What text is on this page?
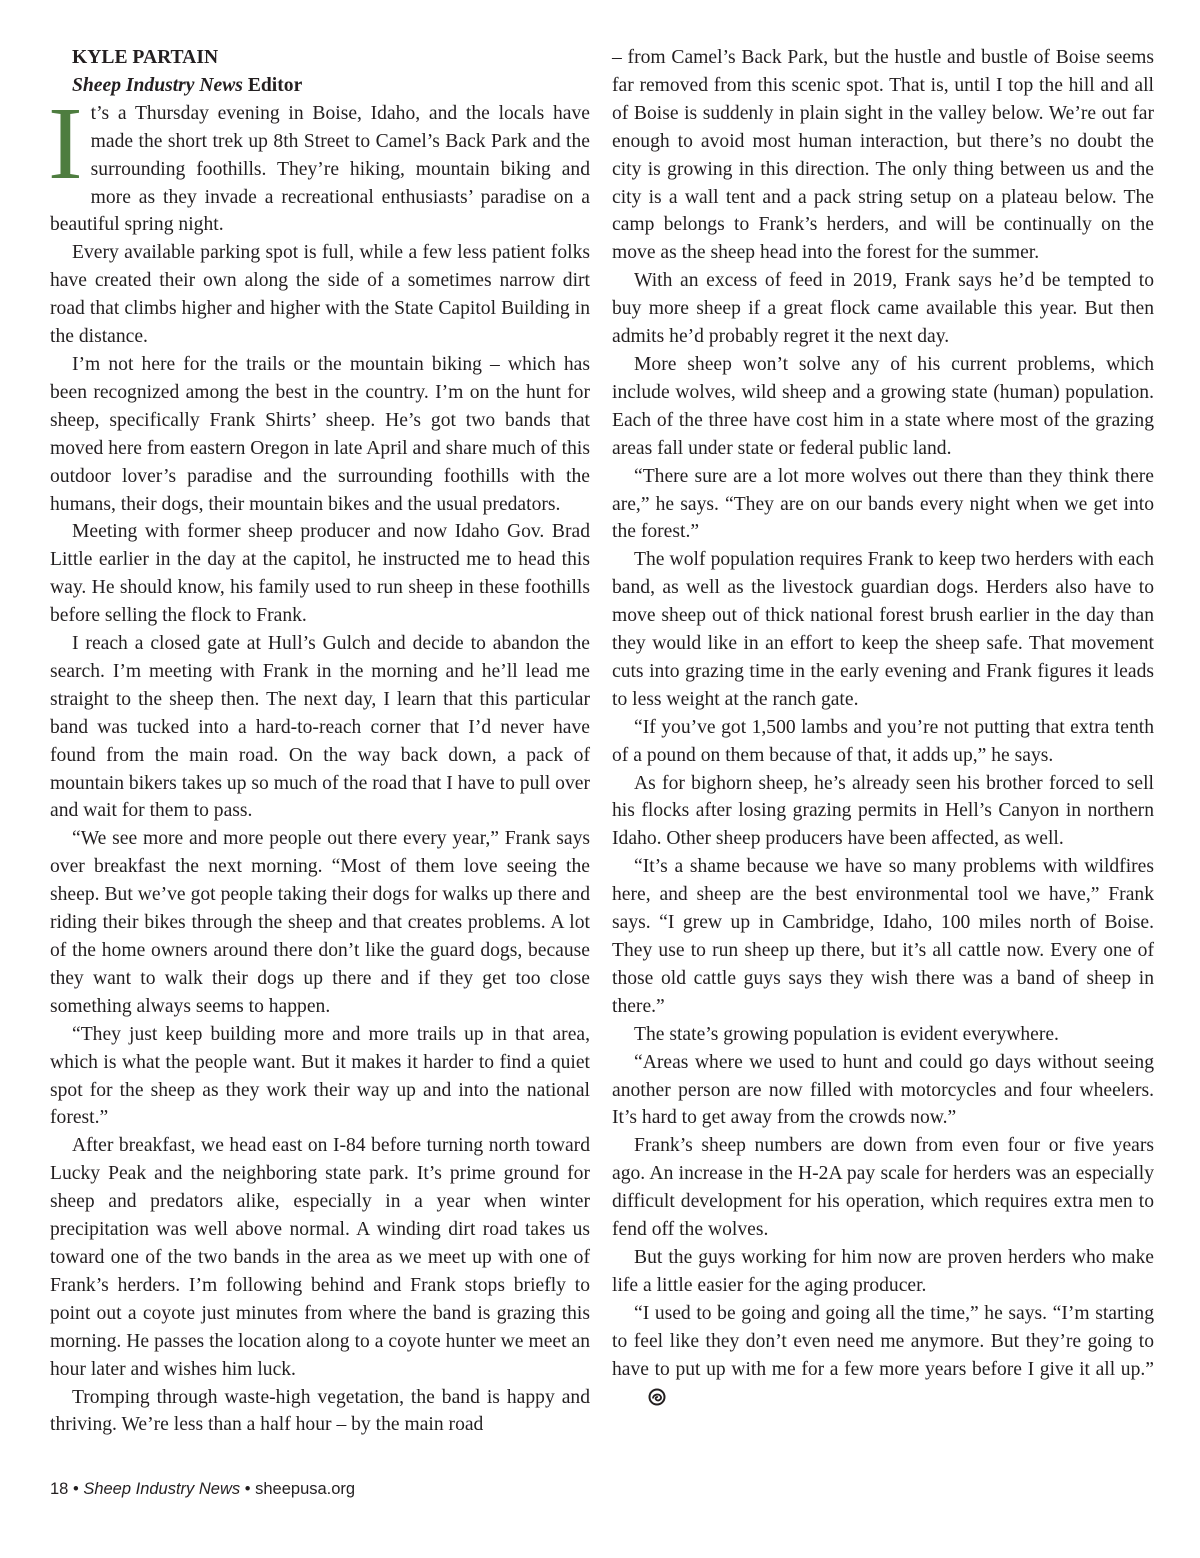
KYLE PARTAIN

Sheep Industry News Editor

It’s a Thursday evening in Boise, Idaho, and the locals have made the short trek up 8th Street to Camel’s Back Park and the surrounding foothills. They’re hiking, mountain biking and more as they invade a recreational enthusiasts’ paradise on a beautiful spring night.

Every available parking spot is full, while a few less patient folks have created their own along the side of a sometimes narrow dirt road that climbs higher and higher with the State Capitol Building in the distance.

I’m not here for the trails or the mountain biking – which has been recognized among the best in the country. I’m on the hunt for sheep, specifically Frank Shirts’ sheep. He’s got two bands that moved here from eastern Oregon in late April and share much of this outdoor lover’s paradise and the surrounding foothills with the humans, their dogs, their mountain bikes and the usual predators.

Meeting with former sheep producer and now Idaho Gov. Brad Little earlier in the day at the capitol, he instructed me to head this way. He should know, his family used to run sheep in these foothills before selling the flock to Frank.

I reach a closed gate at Hull’s Gulch and decide to abandon the search. I’m meeting with Frank in the morning and he’ll lead me straight to the sheep then. The next day, I learn that this particular band was tucked into a hard-to-reach corner that I’d never have found from the main road. On the way back down, a pack of mountain bikers takes up so much of the road that I have to pull over and wait for them to pass.

“We see more and more people out there every year,” Frank says over breakfast the next morning. “Most of them love seeing the sheep. But we’ve got people taking their dogs for walks up there and riding their bikes through the sheep and that creates problems. A lot of the home owners around there don’t like the guard dogs, because they want to walk their dogs up there and if they get too close something always seems to happen.

“They just keep building more and more trails up in that area, which is what the people want. But it makes it harder to find a quiet spot for the sheep as they work their way up and into the national forest.”

After breakfast, we head east on I-84 before turning north toward Lucky Peak and the neighboring state park. It’s prime ground for sheep and predators alike, especially in a year when winter precipitation was well above normal. A winding dirt road takes us toward one of the two bands in the area as we meet up with one of Frank’s herders. I’m following behind and Frank stops briefly to point out a coyote just minutes from where the band is grazing this morning. He passes the location along to a coyote hunter we meet an hour later and wishes him luck.

Tromping through waste-high vegetation, the band is happy and thriving. We’re less than a half hour – by the main road

– from Camel’s Back Park, but the hustle and bustle of Boise seems far removed from this scenic spot. That is, until I top the hill and all of Boise is suddenly in plain sight in the valley below. We’re out far enough to avoid most human interaction, but there’s no doubt the city is growing in this direction. The only thing between us and the city is a wall tent and a pack string setup on a plateau below. The camp belongs to Frank’s herders, and will be continually on the move as the sheep head into the forest for the summer.

With an excess of feed in 2019, Frank says he’d be tempted to buy more sheep if a great flock came available this year. But then admits he’d probably regret it the next day.

More sheep won’t solve any of his current problems, which include wolves, wild sheep and a growing state (human) population. Each of the three have cost him in a state where most of the grazing areas fall under state or federal public land.

“There sure are a lot more wolves out there than they think there are,” he says. “They are on our bands every night when we get into the forest.”

The wolf population requires Frank to keep two herders with each band, as well as the livestock guardian dogs. Herders also have to move sheep out of thick national forest brush earlier in the day than they would like in an effort to keep the sheep safe. That movement cuts into grazing time in the early evening and Frank figures it leads to less weight at the ranch gate.

“If you’ve got 1,500 lambs and you’re not putting that extra tenth of a pound on them because of that, it adds up,” he says.

As for bighorn sheep, he’s already seen his brother forced to sell his flocks after losing grazing permits in Hell’s Canyon in northern Idaho. Other sheep producers have been affected, as well.

“It’s a shame because we have so many problems with wildfires here, and sheep are the best environmental tool we have,” Frank says. “I grew up in Cambridge, Idaho, 100 miles north of Boise. They use to run sheep up there, but it’s all cattle now. Every one of those old cattle guys says they wish there was a band of sheep in there.”

The state’s growing population is evident everywhere.

“Areas where we used to hunt and could go days without seeing another person are now filled with motorcycles and four wheelers. It’s hard to get away from the crowds now.”

Frank’s sheep numbers are down from even four or five years ago. An increase in the H-2A pay scale for herders was an especially difficult development for his operation, which requires extra men to fend off the wolves.

But the guys working for him now are proven herders who make life a little easier for the aging producer.

“I used to be going and going all the time,” he says. “I’m starting to feel like they don’t even need me anymore. But they’re going to have to put up with me for a few more years before I give it all up.”

18 • Sheep Industry News • sheepusa.org
